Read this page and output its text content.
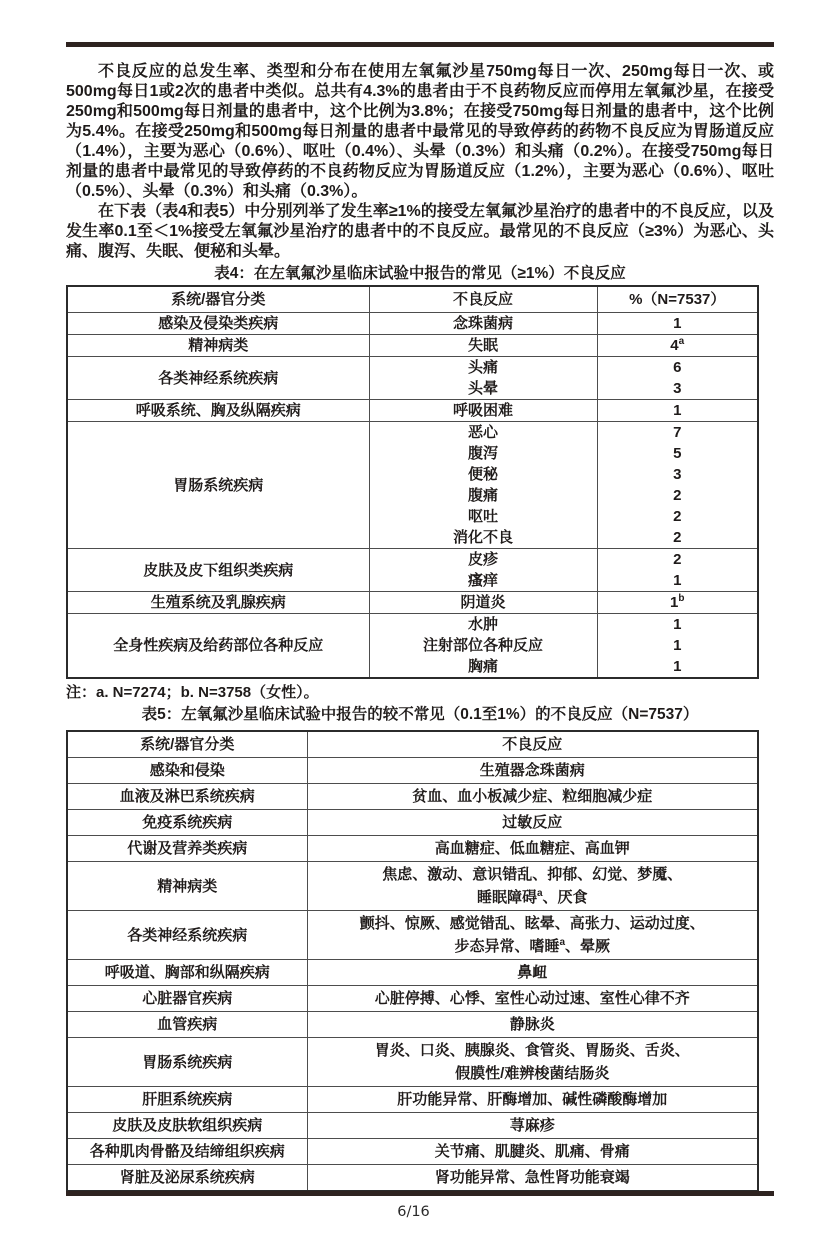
不良反应的总发生率、类型和分布在使用左氧氟沙星750mg每日一次、250mg每日一次、或500mg每日1或2次的患者中类似。总共有4.3%的患者由于不良药物反应而停用左氧氟沙星，在接受250mg和500mg每日剂量的患者中，这个比例为3.8%；在接受750mg每日剂量的患者中，这个比例为5.4%。在接受250mg和500mg每日剂量的患者中最常见的导致停药的药物不良反应为胃肠道反应（1.4%），主要为恶心（0.6%）、呕吐（0.4%）、头晕（0.3%）和头痛（0.2%）。在接受750mg每日剂量的患者中最常见的导致停药的不良药物反应为胃肠道反应（1.2%），主要为恶心（0.6%）、呕吐（0.5%）、头晕（0.3%）和头痛（0.3%）。

在下表（表4和表5）中分别列举了发生率≥1%的接受左氧氟沙星治疗的患者中的不良反应，以及发生率0.1至＜1%接受左氧氟沙星治疗的患者中的不良反应。最常见的不良反应（≥3%）为恶心、头痛、腹泻、失眠、便秘和头晕。

表4：在左氧氟沙星临床试验中报告的常见（≥1%）不良反应
系统/器官分类	不良反应	%（N=7537）
感染及侵染类疾病	念珠菌病	1
精神病类	失眠	4$^a$
各类神经系统疾病	头痛	6
	头晕	3
呼吸系统、胸及纵隔疾病	呼吸困难	1
胃肠系统疾病	恶心	7
	腹泻	5
	便秘	3
	腹痛	2
	呕吐	2
	消化不良	2
皮肤及皮下组织类疾病	皮疹	2
	瘙痒	1
生殖系统及乳腺疾病	阴道炎	1$^b$
全身性疾病及给药部位各种反应	水肿	1
	注射部位各种反应	1
	胸痛	1
注：a. N=7274；b. N=3758（女性）。
表5：左氧氟沙星临床试验中报告的较不常见（0.1至1%）的不良反应（N=7537）
系统/器官分类	不良反应
感染和侵染	生殖器念珠菌病
血液及淋巴系统疾病	贫血、血小板减少症、粒细胞减少症
免疫系统疾病	过敏反应
代谢及营养类疾病	高血糖症、低血糖症、高血钾
精神病类	焦虑、激动、意识错乱、抑郁、幻觉、梦魇、
睡眠障碍$^a$、厌食
各类神经系统疾病	颤抖、惊厥、感觉错乱、眩晕、高张力、运动过度、
步态异常、嗜睡$^a$、晕厥
呼吸道、胸部和纵隔疾病	鼻衄
心脏器官疾病	心脏停搏、心悸、室性心动过速、室性心律不齐
血管疾病	静脉炎
胃肠系统疾病	胃炎、口炎、胰腺炎、食管炎、胃肠炎、舌炎、
假膜性/难辨梭菌结肠炎
肝胆系统疾病	肝功能异常、肝酶增加、碱性磷酸酶增加
皮肤及皮肤软组织疾病	荨麻疹
各种肌肉骨骼及结缔组织疾病	关节痛、肌腱炎、肌痛、骨痛
肾脏及泌尿系统疾病	肾功能异常、急性肾功能衰竭
6/16
